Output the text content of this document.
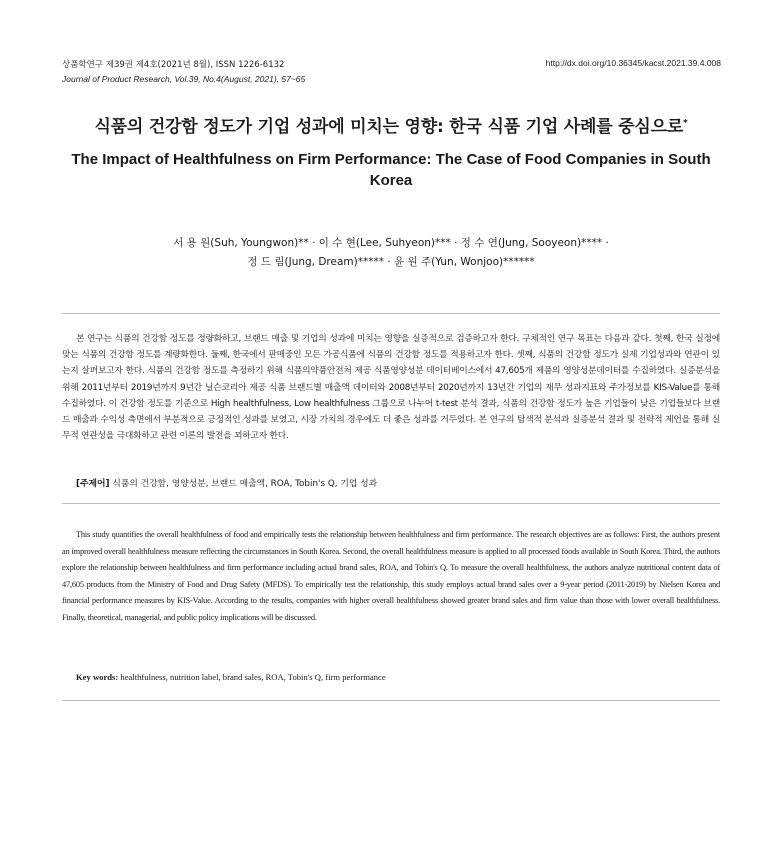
상품학연구 제39권 제4호(2021년 8월), ISSN 1226-6132
Journal of Product Research, Vol.39, No.4(August, 2021), 57~65
http://dx.doi.org/10.36345/kacst.2021.39.4.008
식품의 건강함 정도가 기업 성과에 미치는 영향: 한국 식품 기업 사례를 중심으로*
The Impact of Healthfulness on Firm Performance: The Case of Food Companies in South Korea
서 용 원(Suh, Youngwon)** · 이 수 현(Lee, Suhyeon)*** · 정 수 연(Jung, Sooyeon)**** ·
정 드 림(Jung, Dream)***** · 윤 원 주(Yun, Wonjoo)******
본 연구는 식품의 건강함 정도를 정량화하고, 브랜드 매출 및 기업의 성과에 미치는 영향을 실증적으로 검증하고자 한다. 구체적인 연구 목표는 다음과 같다. 첫째, 한국 실정에 맞는 식품의 건강함 정도를 계량화한다. 둘째, 한국에서 판매중인 모든 가공식품에 식품의 건강함 정도를 적용하고자 한다. 셋째, 식품의 건강함 정도가 실제 기업성과와 연관이 있는지 살펴보고자 한다. 식품의 건강함 정도를 측정하기 위해 식품의약품안전처 제공 식품영양성분 데이터베이스에서 47,605개 제품의 영양성분데이터를 수집하였다. 실증분석을 위해 2011년부터 2019년까지 9년간 닐슨코리아 제공 식품 브랜드별 매출액 데이터와 2008년부터 2020년까지 13년간 기업의 재무 성과지표와 주가정보를 KIS-Value를 통해 수집하였다. 이 건강함 정도를 기준으로 High healthfulness, Low healthfulness 그룹으로 나누어 t-test 분석 결과, 식품의 건강함 정도가 높은 기업들이 낮은 기업들보다 브랜드 매출과 수익성 측면에서 부분적으로 긍정적인 성과를 보였고, 시장 가치의 경우에도 더 좋은 성과를 거두었다. 본 연구의 탐색적 분석과 실증분석 결과 및 전략적 제언을 통해 실무적 연관성을 극대화하고 관련 이론의 발전을 꾀하고자 한다.
[주제어] 식품의 건강함, 영양성분, 브랜드 매출액, ROA, Tobin's Q, 기업 성과
This study quantifies the overall healthfulness of food and empirically tests the relationship between healthfulness and firm performance. The research objectives are as follows: First, the authors present an improved overall healthfulness measure reflecting the circumstances in South Korea. Second, the overall healthfulness measure is applied to all processed foods available in South Korea. Third, the authors explore the relationship between healthfulness and firm performance including actual brand sales, ROA, and Tobin's Q. To measure the overall healthfulness, the authors analyze nutritional content data of 47,605 products from the Ministry of Food and Drug Safety (MFDS). To empirically test the relationship, this study employs actual brand sales over a 9-year period (2011-2019) by Nielsen Korea and financial performance measures by KIS-Value. According to the results, companies with higher overall healthfulness showed greater brand sales and firm value than those with lower overall healthfulness. Finally, theoretical, managerial, and public policy implications will be discussed.
Key words: healthfulness, nutrition label, brand sales, ROA, Tobin's Q, firm performance
